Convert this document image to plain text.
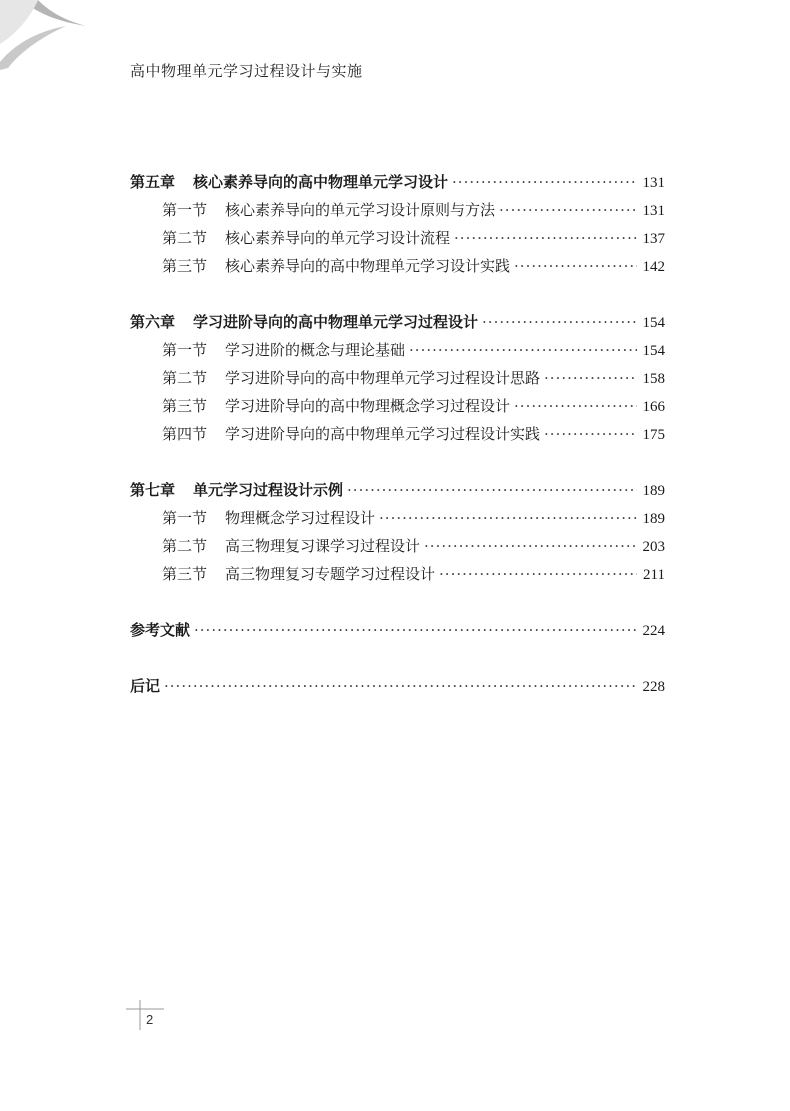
高中物理单元学习过程设计与实施
第五章 核心素养导向的高中物理单元学习设计 ·····	131
第一节 核心素养导向的单元学习设计原则与方法 ·····	131
第二节 核心素养导向的单元学习设计流程 ·····	137
第三节 核心素养导向的高中物理单元学习设计实践 ·····	142
第六章 学习进阶导向的高中物理单元学习过程设计 ·····	154
第一节 学习进阶的概念与理论基础 ·····	154
第二节 学习进阶导向的高中物理单元学习过程设计思路 ·····	158
第三节 学习进阶导向的高中物理概念学习过程设计 ·····	166
第四节 学习进阶导向的高中物理单元学习过程设计实践 ·····	175
第七章 单元学习过程设计示例 ·····	189
第一节 物理概念学习过程设计 ·····	189
第二节 高三物理复习课学习过程设计 ·····	203
第三节 高三物理复习专题学习过程设计 ·····	211
参考文献 ·····	224
后记 ·····	228
2
